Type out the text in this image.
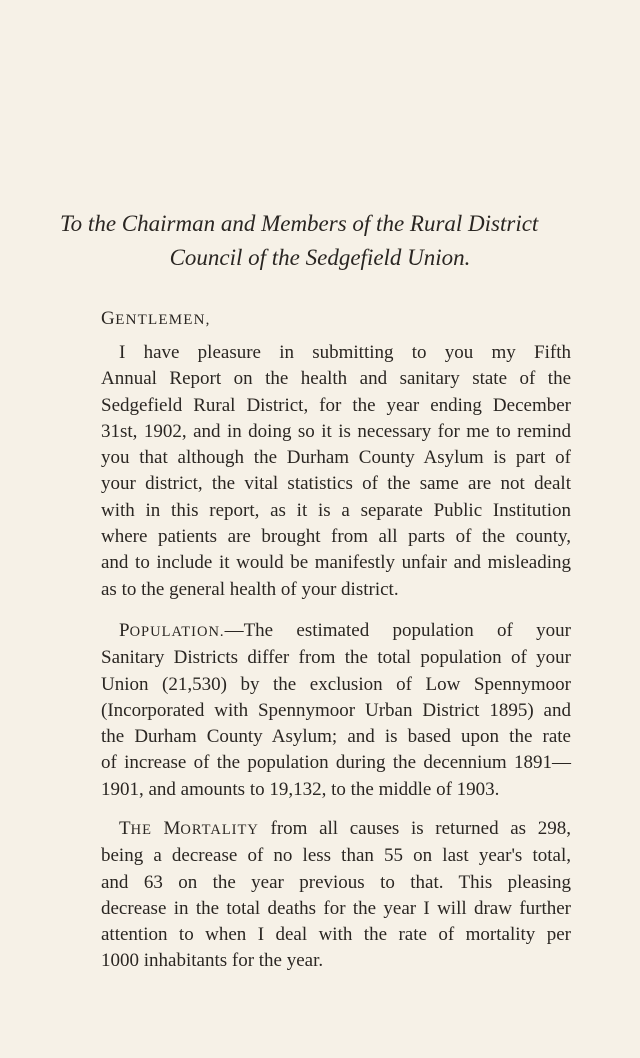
To the Chairman and Members of the Rural District
Council of the Sedgefield Union.
GENTLEMEN,
I have pleasure in submitting to you my Fifth
Annual Report on the health and sanitary state of the
Sedgefield Rural District, for the year ending December
31st, 1902, and in doing so it is necessary for me to remind
you that although the Durham County Asylum is part of
your district, the vital statistics of the same are not dealt
with in this report, as it is a separate Public Institution
where patients are brought from all parts of the county,
and to include it would be manifestly unfair and misleading
as to the general health of your district.
POPULATION.—The estimated population of your
Sanitary Districts differ from the total population of your
Union (21,530) by the exclusion of Low Spennymoor
(Incorporated with Spennymoor Urban District 1895) and
the Durham County Asylum; and is based upon the rate
of increase of the population during the decennium 1891—
1901, and amounts to 19,132, to the middle of 1903.
THE MORTALITY from all causes is returned as 298,
being a decrease of no less than 55 on last year's total,
and 63 on the year previous to that. This pleasing
decrease in the total deaths for the year I will draw further
attention to when I deal with the rate of mortality per
1000 inhabitants for the year.
